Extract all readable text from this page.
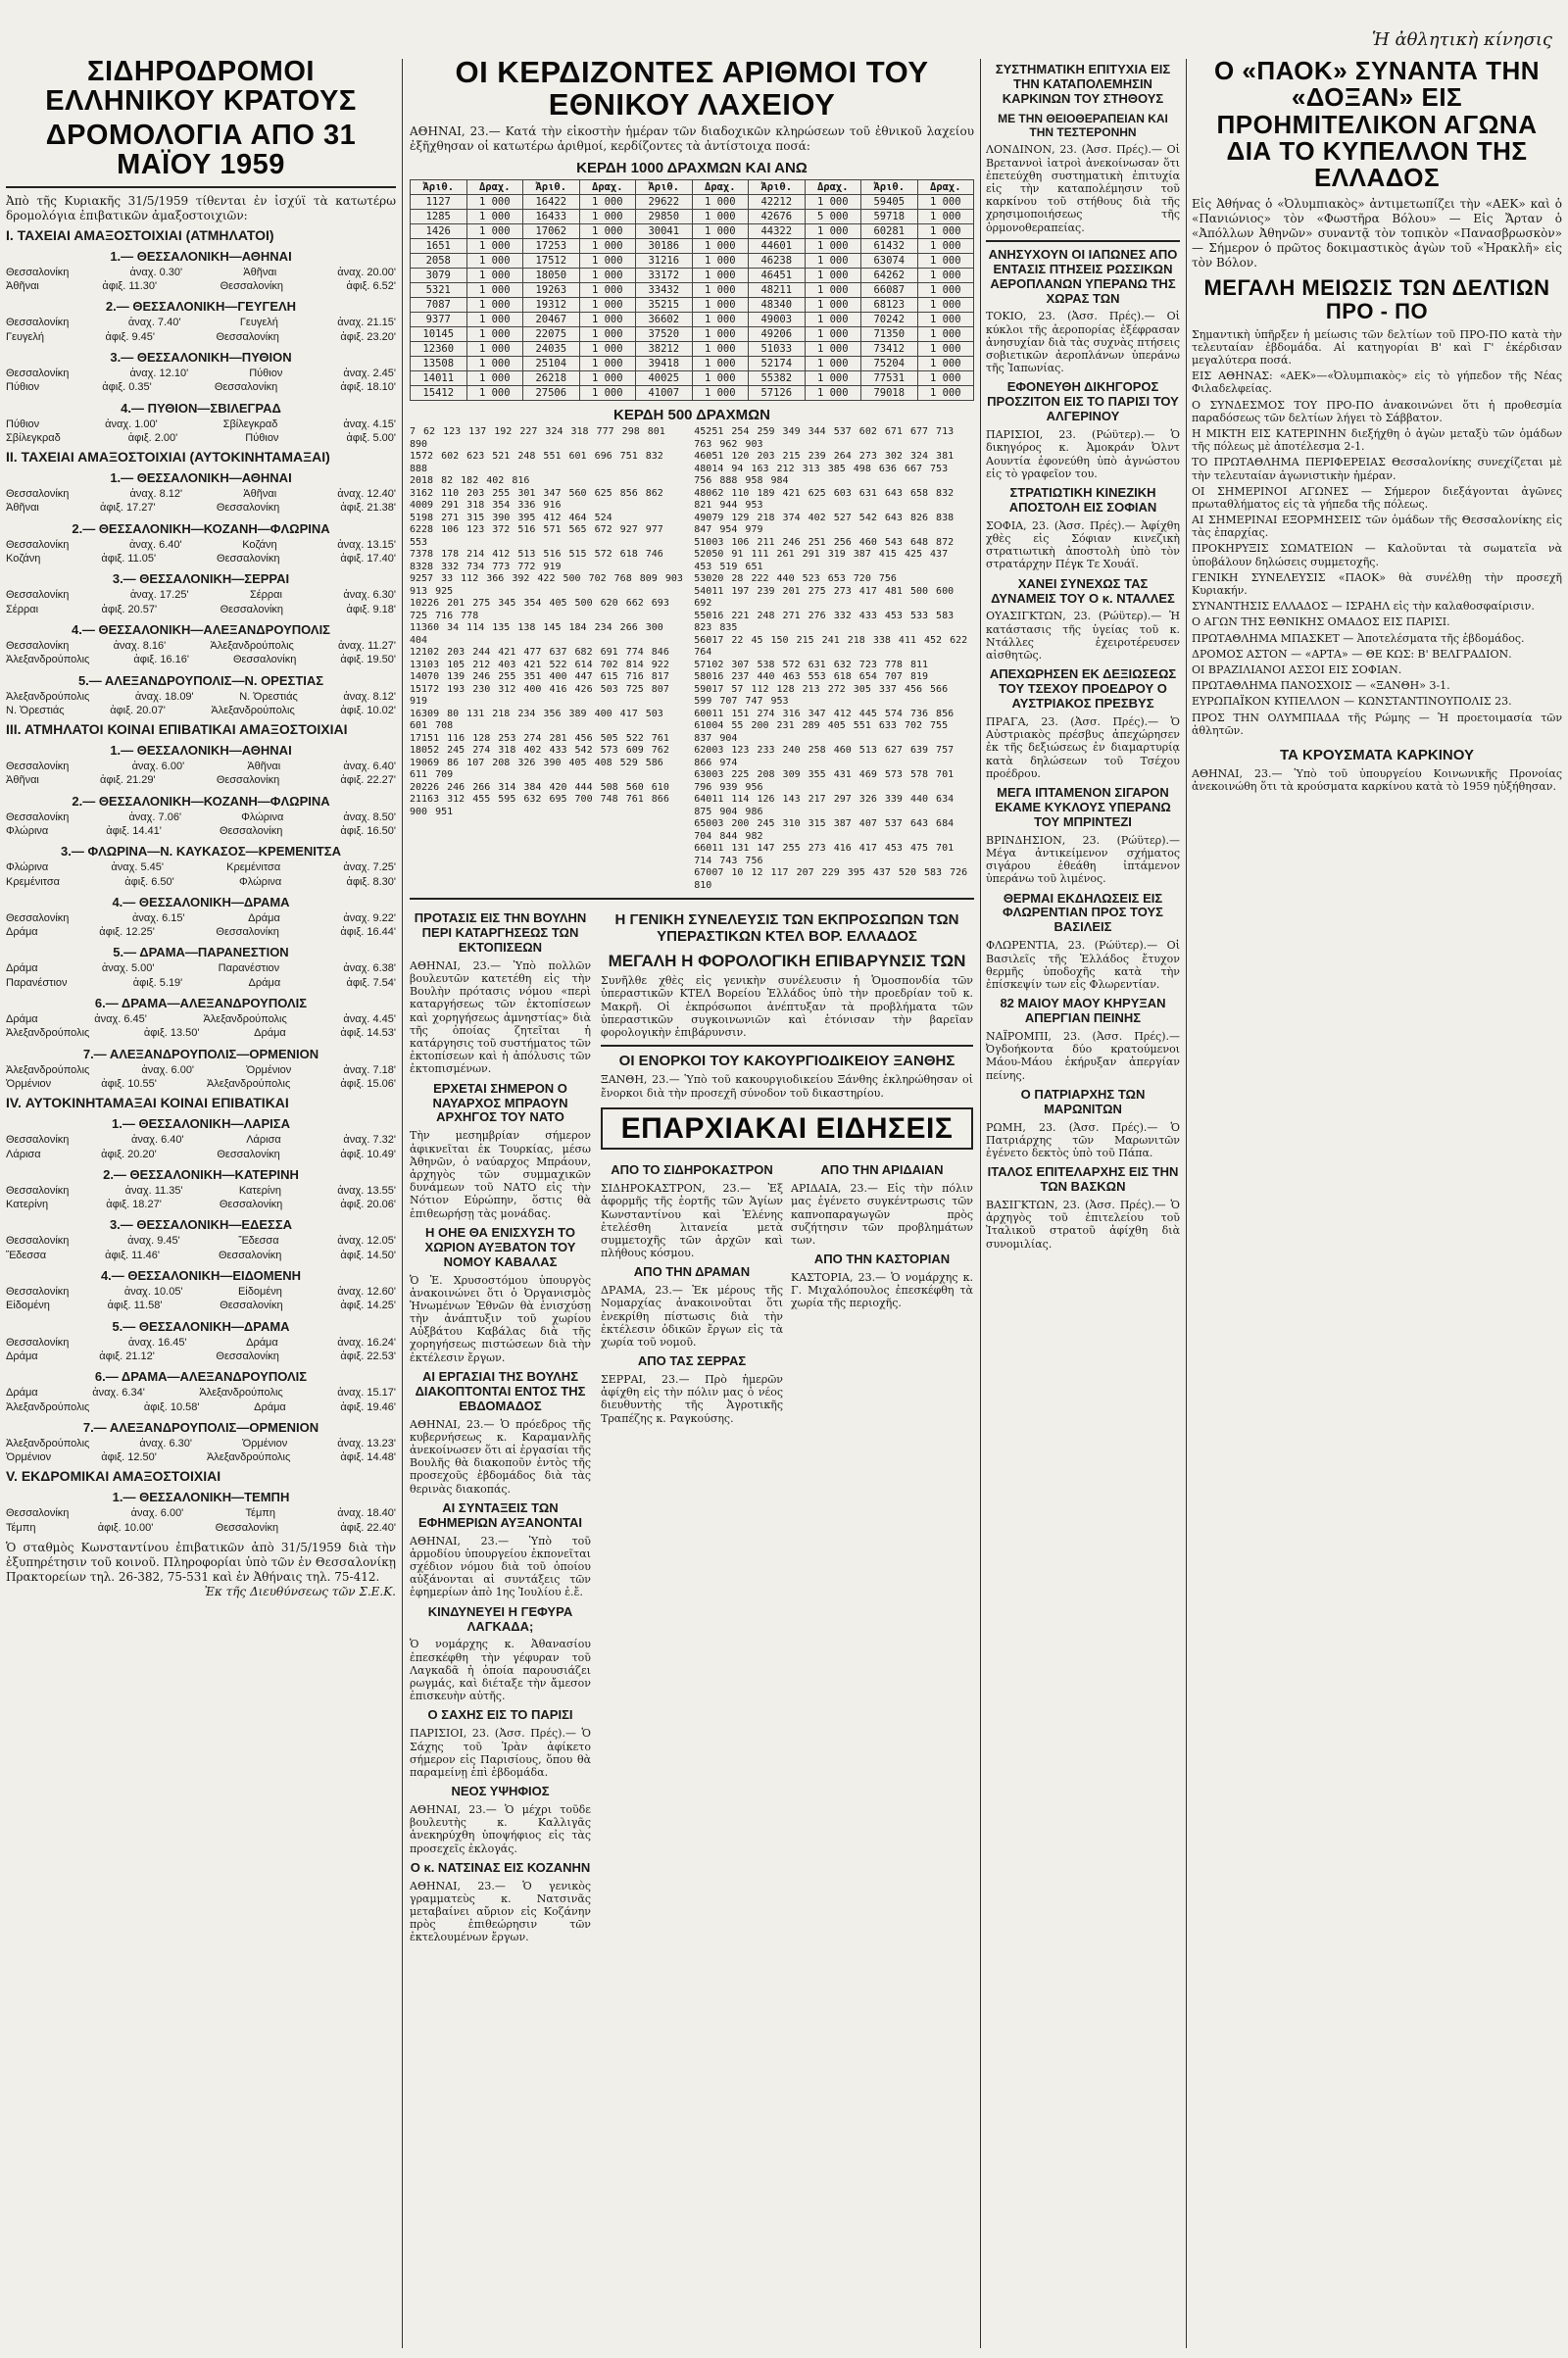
ΣΙΔΗΡΟΔΡΟΜΟΙ ΕΛΛΗΝΙΚΟΥ ΚΡΑΤΟΥΣ
ΔΡΟΜΟΛΟΓΙΑ ΑΠΟ 31 ΜΑΪΟΥ 1959
Ἀπὸ τῆς Κυριακῆς 31/5/1959 τίθενται ἐν ἰσχύϊ τὰ κατωτέρω δρομολόγια ἐπιβατικῶν ἀμαξοστοιχιῶν:
Ι. ΤΑΧΕΙΑΙ ΑΜΑΞΟΣΤΟΙΧΙΑΙ (ΑΤΜΗΛΑΤΟΙ)
1.— ΘΕΣΣΑΛΟΝΙΚΗ—ΑΘΗΝΑΙ
Θεσσαλονίκη	ἀναχ. 0.30'	Ἀθῆναι	ἀναχ. 20.00'
Ἀθῆναι	ἀφιξ. 11.30'	Θεσσαλονίκη	ἀφιξ. 6.52'
2.— ΘΕΣΣΑΛΟΝΙΚΗ—ΓΕΥΓΕΛΗ
Θεσσαλονίκη	ἀναχ. 7.40'	Γευγελή	ἀναχ. 21.15'
Γευγελή	ἀφιξ. 9.45'	Θεσσαλονίκη	ἀφιξ. 23.20'
3.— ΘΕΣΣΑΛΟΝΙΚΗ—ΠΥΘΙΟΝ
Θεσσαλονίκη	ἀναχ. 12.10'	Πύθιον	ἀναχ. 2.45'
Πύθιον	ἀφιξ. 0.35'	Θεσσαλονίκη	ἀφιξ. 18.10'
4.— ΠΥΘΙΟΝ—ΣΒΙΛΕΓΡΑΔ
Πύθιον	ἀναχ. 1.00'	Σβίλεγκραδ	ἀναχ. 4.15'
Σβίλεγκραδ	ἀφιξ. 2.00'	Πύθιον	ἀφιξ. 5.00'
ΙΙ. ΤΑΧΕΙΑΙ ΑΜΑΞΟΣΤΟΙΧΙΑΙ (ΑΥΤΟΚΙΝΗΤΑΜΑΞΑΙ)
1.— ΘΕΣΣΑΛΟΝΙΚΗ—ΑΘΗΝΑΙ
Θεσσαλονίκη	ἀναχ. 8.12'	Ἀθῆναι	ἀναχ. 12.40'
Ἀθῆναι	ἀφιξ. 17.27'	Θεσσαλονίκη	ἀφιξ. 21.38'
2.— ΘΕΣΣΑΛΟΝΙΚΗ—ΚΟΖΑΝΗ—ΦΛΩΡΙΝΑ
Θεσσαλονίκη	ἀναχ. 6.40'	Κοζάνη	ἀναχ. 13.15'
Κοζάνη	ἀφιξ. 11.05'	Θεσσαλονίκη	ἀφιξ. 17.40'
3.— ΘΕΣΣΑΛΟΝΙΚΗ—ΣΕΡΡΑΙ
Θεσσαλονίκη	ἀναχ. 17.25'	Σέρραι	ἀναχ. 6.30'
Σέρραι	ἀφιξ. 20.57'	Θεσσαλονίκη	ἀφιξ. 9.18'
4.— ΘΕΣΣΑΛΟΝΙΚΗ—ΑΛΕΞΑΝΔΡΟΥΠΟΛΙΣ
Θεσσαλονίκη	ἀναχ. 8.16'	Ἀλεξανδρούπολις	ἀναχ. 11.27'
Ἀλεξανδρούπολις	ἀφιξ. 16.16'	Θεσσαλονίκη	ἀφιξ. 19.50'
5.— ΑΛΕΞΑΝΔΡΟΥΠΟΛΙΣ—Ν. ΟΡΕΣΤΙΑΣ
Ἀλεξανδρούπολις	ἀναχ. 18.09'	Ν. Ὀρεστιάς	ἀναχ. 8.12'
Ν. Ὀρεστιάς	ἀφιξ. 20.07'	Ἀλεξανδρούπολις	ἀφιξ. 10.02'
ΙΙΙ. ΑΤΜΗΛΑΤΟΙ ΚΟΙΝΑΙ ΕΠΙΒΑΤΙΚΑΙ ΑΜΑΞΟΣΤΟΙΧΙΑΙ
1.— ΘΕΣΣΑΛΟΝΙΚΗ—ΑΘΗΝΑΙ
Θεσσαλονίκη	ἀναχ. 6.00'	Ἀθῆναι	ἀναχ. 6.40'
Ἀθῆναι	ἀφιξ. 21.29'	Θεσσαλονίκη	ἀφιξ. 22.27'
2.— ΘΕΣΣΑΛΟΝΙΚΗ—ΚΟΖΑΝΗ—ΦΛΩΡΙΝΑ
Θεσσαλονίκη	ἀναχ. 7.06'	Φλώρινα	ἀναχ. 8.50'
Φλώρινα	ἀφιξ. 14.41'	Θεσσαλονίκη	ἀφιξ. 16.50'
3.— ΦΛΩΡΙΝΑ—Ν. ΚΑΥΚΑΣΟΣ—ΚΡΕΜΕΝΙΤΣΑ
Φλώρινα	ἀναχ. 5.45'	Κρεμένιτσα	ἀναχ. 7.25'
Κρεμένιτσα	ἀφιξ. 6.50'	Φλώρινα	ἀφιξ. 8.30'
4.— ΘΕΣΣΑΛΟΝΙΚΗ—ΔΡΑΜΑ
Θεσσαλονίκη	ἀναχ. 6.15'	Δράμα	ἀναχ. 9.22'
Δράμα	ἀφιξ. 12.25'	Θεσσαλονίκη	ἀφιξ. 16.44'
5.— ΔΡΑΜΑ—ΠΑΡΑΝΕΣΤΙΟΝ
Δράμα	ἀναχ. 5.00'	Παρανέστιον	ἀναχ. 6.38'
Παρανέστιον	ἀφιξ. 5.19'	Δράμα	ἀφιξ. 7.54'
6.— ΔΡΑΜΑ—ΑΛΕΞΑΝΔΡΟΥΠΟΛΙΣ
Δράμα	ἀναχ. 6.45'	Ἀλεξανδρούπολις	ἀναχ. 4.45'
Ἀλεξανδρούπολις	ἀφιξ. 13.50'	Δράμα	ἀφιξ. 14.53'
7.— ΑΛΕΞΑΝΔΡΟΥΠΟΛΙΣ—ΟΡΜΕΝΙΟΝ
Ἀλεξανδρούπολις	ἀναχ. 6.00'	Ὀρμένιον	ἀναχ. 7.18'
Ὀρμένιον	ἀφιξ. 10.55'	Ἀλεξανδρούπολις	ἀφιξ. 15.06'
IV. ΑΥΤΟΚΙΝΗΤΑΜΑΞΑΙ ΚΟΙΝΑΙ ΕΠΙΒΑΤΙΚΑΙ
1.— ΘΕΣΣΑΛΟΝΙΚΗ—ΛΑΡΙΣΑ
Θεσσαλονίκη	ἀναχ. 6.40'	Λάρισα	ἀναχ. 7.32'
Λάρισα	ἀφιξ. 20.20'	Θεσσαλονίκη	ἀφιξ. 10.49'
2.— ΘΕΣΣΑΛΟΝΙΚΗ—ΚΑΤΕΡΙΝΗ
Θεσσαλονίκη	ἀναχ. 11.35'	Κατερίνη	ἀναχ. 13.55'
Κατερίνη	ἀφιξ. 18.27'	Θεσσαλονίκη	ἀφιξ. 20.06'
3.— ΘΕΣΣΑΛΟΝΙΚΗ—ΕΔΕΣΣΑ
Θεσσαλονίκη	ἀναχ. 9.45'	Ἔδεσσα	ἀναχ. 12.05'
Ἔδεσσα	ἀφιξ. 11.46'	Θεσσαλονίκη	ἀφιξ. 14.50'
4.— ΘΕΣΣΑΛΟΝΙΚΗ—ΕΙΔΟΜΕΝΗ
Θεσσαλονίκη	ἀναχ. 10.05'	Εἰδομένη	ἀναχ. 12.60'
Εἰδομένη	ἀφιξ. 11.58'	Θεσσαλονίκη	ἀφιξ. 14.25'
5.— ΘΕΣΣΑΛΟΝΙΚΗ—ΔΡΑΜΑ
Θεσσαλονίκη	ἀναχ. 16.45'	Δράμα	ἀναχ. 16.24'
Δράμα	ἀφιξ. 21.12'	Θεσσαλονίκη	ἀφιξ. 22.53'
6.— ΔΡΑΜΑ—ΑΛΕΞΑΝΔΡΟΥΠΟΛΙΣ
Δράμα	ἀναχ. 6.34'	Ἀλεξανδρούπολις	ἀναχ. 15.17'
Ἀλεξανδρούπολις	ἀφιξ. 10.58'	Δράμα	ἀφιξ. 19.46'
7.— ΑΛΕΞΑΝΔΡΟΥΠΟΛΙΣ—ΟΡΜΕΝΙΟΝ
Ἀλεξανδρούπολις	ἀναχ. 6.30'	Ὀρμένιον	ἀναχ. 13.23'
Ὀρμένιον	ἀφιξ. 12.50'	Ἀλεξανδρούπολις	ἀφιξ. 14.48'
V. ΕΚΔΡΟΜΙΚΑΙ ΑΜΑΞΟΣΤΟΙΧΙΑΙ
1.— ΘΕΣΣΑΛΟΝΙΚΗ—ΤΕΜΠΗ
Θεσσαλονίκη	ἀναχ. 6.00'	Τέμπη	ἀναχ. 18.40'
Τέμπη	ἀφιξ. 10.00'	Θεσσαλονίκη	ἀφιξ. 22.40'
Ὁ σταθμὸς Κωνσταντίνου ἐπιβατικῶν ἀπὸ 31/5/1959 διὰ τὴν ἐξυπηρέτησιν τοῦ κοινοῦ. Πληροφορίαι ὑπὸ τῶν ἐν Θεσσαλονίκῃ Πρακτορείων τηλ. 26-382, 75-531 καὶ ἐν Ἀθήναις τηλ. 75-412.
Ἐκ τῆς Διευθύνσεως τῶν Σ.Ε.Κ.
ΟΙ ΚΕΡΔΙΖΟΝΤΕΣ ΑΡΙΘΜΟΙ ΤΟΥ ΕΘΝΙΚΟΥ ΛΑΧΕΙΟΥ
ΑΘΗΝΑΙ, 23.— Κατά τὴν εἰκοστὴν ἡμέραν τῶν διαδοχικῶν κληρώσεων τοῦ ἐθνικοῦ λαχείου ἐξῆχθησαν οἱ κατωτέρω ἀριθμοί, κερδίζοντες τὰ ἀντίστοιχα ποσά:
ΚΕΡΔΗ 1000 ΔΡΑΧΜΩΝ ΚΑΙ ΑΝΩ
Ἀριθ.	Δραχ.	Ἀριθ.	Δραχ.	Ἀριθ.	Δραχ.	Ἀριθ.	Δραχ.	Ἀριθ.	Δραχ.
1127	1 000	16422	1 000	29622	1 000	42212	1 000	59405	1 000
1285	1 000	16433	1 000	29850	1 000	42676	5 000	59718	1 000
1426	1 000	17062	1 000	30041	1 000	44322	1 000	60281	1 000
1651	1 000	17253	1 000	30186	1 000	44601	1 000	61432	1 000
2058	1 000	17512	1 000	31216	1 000	46238	1 000	63074	1 000
3079	1 000	18050	1 000	33172	1 000	46451	1 000	64262	1 000
5321	1 000	19263	1 000	33432	1 000	48211	1 000	66087	1 000
7087	1 000	19312	1 000	35215	1 000	48340	1 000	68123	1 000
9377	1 000	20467	1 000	36602	1 000	49003	1 000	70242	1 000
10145	1 000	22075	1 000	37520	1 000	49206	1 000	71350	1 000
12360	1 000	24035	1 000	38212	1 000	51033	1 000	73412	1 000
13508	1 000	25104	1 000	39418	1 000	52174	1 000	75204	1 000
14011	1 000	26218	1 000	40025	1 000	55382	1 000	77531	1 000
15412	1 000	27506	1 000	41007	1 000	57126	1 000	79018	1 000
ΚΕΡΔΗ 500 ΔΡΑΧΜΩΝ
7 62 123 137 192 227 324 318 777 298 801 890
1572 602 623 521 248 551 601 696 751 832 888
2018 82 182 402 816
3162 110 203 255 301 347 560 625 856 862
4009 291 318 354 336 916
5198 271 315 390 395 412 464 524
6228 106 123 372 516 571 565 672 927 977 553
7378 178 214 412 513 516 515 572 618 746
8328 332 734 773 772 919
9257 33 112 366 392 422 500 702 768 809 903 913 925
10226 201 275 345 354 405 500 620 662 693 725 716 778
11360 34 114 135 138 145 184 234 266 300 404
12102 203 244 421 477 637 682 691 774 846
13103 105 212 403 421 522 614 702 814 922
14070 139 246 255 351 400 447 615 716 817
15172 193 230 312 400 416 426 503 725 807 919
16309 80 131 218 234 356 389 400 417 503 601 708
17151 116 128 253 274 281 456 505 522 761
18052 245 274 318 402 433 542 573 609 762
19069 86 107 208 326 390 405 408 529 586 611 709
20226 246 266 314 384 420 444 508 560 610
21163 312 455 595 632 695 700 748 761 866 900 951

45251 254 259 349 344 537 602 671 677 713 763 962 903
46051 120 203 215 239 264 273 302 324 381
48014 94 163 212 313 385 498 636 667 753 756 888 958 984
48062 110 189 421 625 603 631 643 658 832 821 944 953
49079 129 218 374 402 527 542 643 826 838 847 954 979
51003 106 211 246 251 256 460 543 648 872
52050 91 111 261 291 319 387 415 425 437 453 519 651
53020 28 222 440 523 653 720 756
54011 197 239 201 275 273 417 481 500 600 692
55016 221 248 271 276 332 433 453 533 583 823 835
56017 22 45 150 215 241 218 338 411 452 622 764
57102 307 538 572 631 632 723 778 811
58016 237 440 463 553 618 654 707 819
59017 57 112 128 213 272 305 337 456 566 599 707 747 953
60011 151 274 316 347 412 445 574 736 856
61004 55 200 231 289 405 551 633 702 755 837 904
62003 123 233 240 258 460 513 627 639 757 866 974
63003 225 208 309 355 431 469 573 578 701 796 939 956
64011 114 126 143 217 297 326 339 440 634 875 904 986
65003 200 245 310 315 387 407 537 643 684 704 844 982
66011 131 147 255 273 416 417 453 475 701 714 743 756
67007 10 12 117 207 229 395 437 520 583 726 810
ΠΡΟΤΑΣΙΣ ΕΙΣ ΤΗΝ ΒΟΥΛΗΝ ΠΕΡΙ ΚΑΤΑΡΓΗΣΕΩΣ ΤΩΝ ΕΚΤΟΠΙΣΕΩΝ

ΑΘΗΝΑΙ, 23.— Ὑπὸ πολλῶν βουλευτῶν κατετέθη εἰς τὴν Βουλὴν πρότασις νόμου «περὶ καταργήσεως τῶν ἐκτοπίσεων καὶ χορηγήσεως ἀμνηστίας» διὰ τῆς ὁποίας ζητεῖται ἡ κατάργησις τοῦ συστήματος τῶν ἐκτοπίσεων καὶ ἡ ἀπόλυσις τῶν ἐκτοπισμένων.

ΕΡΧΕΤΑΙ ΣΗΜΕΡΟΝ Ο ΝΑΥΑΡΧΟΣ ΜΠΡΑΟΥΝ ΑΡΧΗΓΟΣ ΤΟΥ ΝΑΤΟ

Τὴν μεσημβρίαν σήμερον ἀφικνεῖται ἐκ Τουρκίας, μέσω Ἀθηνῶν, ὁ ναύαρχος Μπράουν, ἀρχηγὸς τῶν συμμαχικῶν δυνάμεων τοῦ ΝΑΤΟ εἰς τὴν Νότιον Εὐρώπην, ὅστις θὰ ἐπιθεωρήσῃ τὰς μονάδας.

Η ΟΗΕ ΘΑ ΕΝΙΣΧΥΣΗ ΤΟ ΧΩΡΙΟΝ ΑΥΞΒΑΤΟΝ ΤΟΥ ΝΟΜΟΥ ΚΑΒΑΛΑΣ

Ὁ Ἐ. Χρυσοστόμου ὑπουργὸς ἀνακοινώνει ὅτι ὁ Ὀργανισμὸς Ἡνωμένων Ἐθνῶν θὰ ἐνισχύσῃ τὴν ἀνάπτυξιν τοῦ χωρίου Αὐξβάτου Καβάλας διὰ τῆς χορηγήσεως πιστώσεων διὰ τὴν ἐκτέλεσιν ἔργων.

ΑΙ ΕΡΓΑΣΙΑΙ ΤΗΣ ΒΟΥΛΗΣ ΔΙΑΚΟΠΤΟΝΤΑΙ ΕΝΤΟΣ ΤΗΣ ΕΒΔΟΜΑΔΟΣ

ΑΘΗΝΑΙ, 23.— Ὁ πρόεδρος τῆς κυβερνήσεως κ. Καραμανλῆς ἀνεκοίνωσεν ὅτι αἱ ἐργασίαι τῆς Βουλῆς θὰ διακοποῦν ἐντὸς τῆς προσεχοῦς ἑβδομάδος διὰ τὰς θερινὰς διακοπάς.

ΑΙ ΣΥΝΤΑΞΕΙΣ ΤΩΝ ΕΦΗΜΕΡΙΩΝ ΑΥΞΑΝΟΝΤΑΙ

ΑΘΗΝΑΙ, 23.— Ὑπὸ τοῦ ἁρμοδίου ὑπουργείου ἐκπονεῖται σχέδιον νόμου διὰ τοῦ ὁποίου αὐξάνονται αἱ συντάξεις τῶν ἐφημερίων ἀπὸ 1ης Ἰουλίου ἐ.ἔ.

ΚΙΝΔΥΝΕΥΕΙ Η ΓΕΦΥΡΑ ΛΑΓΚΑΔΑ;

Ὁ νομάρχης κ. Ἀθανασίου ἐπεσκέφθη τὴν γέφυραν τοῦ Λαγκαδᾶ ἡ ὁποία παρουσιάζει ρωγμάς, καὶ διέταξε τὴν ἄμεσον ἐπισκευὴν αὐτῆς.

Ο ΣΑΧΗΣ ΕΙΣ ΤΟ ΠΑΡΙΣΙ

ΠΑΡΙΣΙΟΙ, 23. (Ἀσσ. Πρές).— Ὁ Σάχης τοῦ Ἰρὰν ἀφίκετο σήμερον εἰς Παρισίους, ὅπου θὰ παραμείνῃ ἐπὶ ἑβδομάδα.

ΝΕΟΣ ΥΨΗΦΙΟΣ

ΑΘΗΝΑΙ, 23.— Ὁ μέχρι τοῦδε βουλευτὴς κ. Καλλιγᾶς ἀνεκηρύχθη ὑποψήφιος εἰς τὰς προσεχεῖς ἐκλογάς.

Ο κ. ΝΑΤΣΙΝΑΣ ΕΙΣ ΚΟΖΑΝΗΝ

ΑΘΗΝΑΙ, 23.— Ὁ γενικὸς γραμματεὺς κ. Νατσινᾶς μεταβαίνει αὔριον εἰς Κοζάνην πρὸς ἐπιθεώρησιν τῶν ἐκτελουμένων ἔργων.

Η ΓΕΝΙΚΗ ΣΥΝΕΛΕΥΣΙΣ ΤΩΝ ΕΚΠΡΟΣΩΠΩΝ ΤΩΝ ΥΠΕΡΑΣΤΙΚΩΝ ΚΤΕΛ ΒΟΡ. ΕΛΛΑΔΟΣ
ΜΕΓΑΛΗ Η ΦΟΡΟΛΟΓΙΚΗ ΕΠΙΒΑΡΥΝΣΙΣ ΤΩΝ

Συνῆλθε χθὲς εἰς γενικὴν συνέλευσιν ἡ Ὁμοσπονδία τῶν ὑπεραστικῶν ΚΤΕΛ Βορείου Ἑλλάδος ὑπὸ τὴν προεδρίαν τοῦ κ. Μακρῆ. Οἱ ἐκπρόσωποι ἀνέπτυξαν τὰ προβλήματα τῶν ὑπεραστικῶν συγκοινωνιῶν καὶ ἐτόνισαν τὴν βαρεῖαν φορολογικὴν ἐπιβάρυνσιν.

ΟΙ ΕΝΟΡΚΟΙ ΤΟΥ ΚΑΚΟΥΡΓΙΟΔΙΚΕΙΟΥ ΞΑΝΘΗΣ

ΞΑΝΘΗ, 23.— Ὑπὸ τοῦ κακουργιοδικείου Ξάνθης ἐκληρώθησαν οἱ ἔνορκοι διὰ τὴν προσεχῆ σύνοδον τοῦ δικαστηρίου.

ΕΠΑΡΧΙΑΚΑΙ ΕΙΔΗΣΕΙΣ
ΑΠΟ ΤΟ ΣΙΔΗΡΟΚΑΣΤΡΟΝ

ΣΙΔΗΡΟΚΑΣΤΡΟΝ, 23.— Ἐξ ἀφορμῆς τῆς ἑορτῆς τῶν Ἁγίων Κωνσταντίνου καὶ Ἑλένης ἐτελέσθη λιτανεία μετὰ συμμετοχῆς τῶν ἀρχῶν καὶ πλήθους κόσμου.

ΑΠΟ ΤΗΝ ΔΡΑΜΑΝ

ΔΡΑΜΑ, 23.— Ἐκ μέρους τῆς Νομαρχίας ἀνακοινοῦται ὅτι ἐνεκρίθη πίστωσις διὰ τὴν ἐκτέλεσιν ὁδικῶν ἔργων εἰς τὰ χωρία τοῦ νομοῦ.

ΑΠΟ ΤΑΣ ΣΕΡΡΑΣ

ΣΕΡΡΑΙ, 23.— Πρὸ ἡμερῶν ἀφίχθη εἰς τὴν πόλιν μας ὁ νέος διευθυντὴς τῆς Ἀγροτικῆς Τραπέζης κ. Ραγκούσης.

ΑΠΟ ΤΗΝ ΑΡΙΔΑΙΑΝ

ΑΡΙΔΑΙΑ, 23.— Εἰς τὴν πόλιν μας ἐγένετο συγκέντρωσις τῶν καπνοπαραγωγῶν πρὸς συζήτησιν τῶν προβλημάτων των.

ΑΠΟ ΤΗΝ ΚΑΣΤΟΡΙΑΝ

ΚΑΣΤΟΡΙΑ, 23.— Ὁ νομάρχης κ. Γ. Μιχαλόπουλος ἐπεσκέφθη τὰ χωρία τῆς περιοχῆς.

ΣΥΣΤΗΜΑΤΙΚΗ ΕΠΙΤΥΧΙΑ ΕΙΣ ΤΗΝ ΚΑΤΑΠΟΛΕΜΗΣΙΝ ΚΑΡΚΙΝΩΝ ΤΟΥ ΣΤΗΘΟΥΣ
ΜΕ ΤΗΝ ΘΕΙΟΘΕΡΑΠΕΙΑΝ ΚΑΙ ΤΗΝ ΤΕΣΤΕΡΟΝΗΝ

ΛΟΝΔΙΝΟΝ, 23. (Ἀσσ. Πρές).— Οἱ Βρεταννοὶ ἰατροὶ ἀνεκοίνωσαν ὅτι ἐπετεύχθη συστηματικὴ ἐπιτυχία εἰς τὴν καταπολέμησιν τοῦ καρκίνου τοῦ στήθους διὰ τῆς χρησιμοποιήσεως τῆς ὁρμονοθεραπείας.

ΑΝΗΣΥΧΟΥΝ ΟΙ ΙΑΠΩΝΕΣ ΑΠΟ ΕΝΤΑΣΙΣ ΠΤΗΣΕΙΣ ΡΩΣΣΙΚΩΝ ΑΕΡΟΠΛΑΝΩΝ ΥΠΕΡΑΝΩ ΤΗΣ ΧΩΡΑΣ ΤΩΝ

ΤΟΚΙΟ, 23. (Ἀσσ. Πρές).— Οἱ κύκλοι τῆς ἀεροπορίας ἐξέφρασαν ἀνησυχίαν διὰ τὰς συχνὰς πτήσεις σοβιετικῶν ἀεροπλάνων ὑπεράνω τῆς Ἰαπωνίας.

ΕΦΟΝΕΥΘΗ ΔΙΚΗΓΟΡΟΣ ΠΡΟΣΖΙΤΟΝ ΕΙΣ ΤΟ ΠΑΡΙΣΙ ΤΟΥ ΑΛΓΕΡΙΝΟΥ

ΠΑΡΙΣΙΟΙ, 23. (Ρώϋτερ).— Ὁ δικηγόρος κ. Ἀμοκράν Ὀλντ Αουντία ἐφονεύθη ὑπὸ ἀγνώστου εἰς τὸ γραφεῖον του.

ΣΤΡΑΤΙΩΤΙΚΗ ΚΙΝΕΖΙΚΗ ΑΠΟΣΤΟΛΗ ΕΙΣ ΣΟΦΙΑΝ

ΣΟΦΙΑ, 23. (Ἀσσ. Πρές).— Ἀφίχθη χθὲς εἰς Σόφιαν κινεζικὴ στρατιωτικὴ ἀποστολὴ ὑπὸ τὸν στρατάρχην Πέγκ Τε Χουάϊ.

ΧΑΝΕΙ ΣΥΝΕΧΩΣ ΤΑΣ ΔΥΝΑΜΕΙΣ ΤΟΥ Ο κ. ΝΤΑΛΛΕΣ

ΟΥΑΣΙΓΚΤΩΝ, 23. (Ρώϋτερ).— Ἡ κατάστασις τῆς ὑγείας τοῦ κ. Ντάλλες ἐχειροτέρευσεν αἰσθητῶς.

ΑΠΕΧΩΡΗΣΕΝ ΕΚ ΔΕΞΙΩΣΕΩΣ ΤΟΥ ΤΣΕΧΟΥ ΠΡΟΕΔΡΟΥ Ο ΑΥΣΤΡΙΑΚΟΣ ΠΡΕΣΒΥΣ

ΠΡΑΓΑ, 23. (Ἀσσ. Πρές).— Ὁ Αὐστριακὸς πρέσβυς ἀπεχώρησεν ἐκ τῆς δεξιώσεως ἐν διαμαρτυρίᾳ κατὰ δηλώσεων τοῦ Τσέχου προέδρου.

ΜΕΓΑ ΙΠΤΑΜΕΝΟΝ ΣΙΓΑΡΟΝ ΕΚΑΜΕ ΚΥΚΛΟΥΣ ΥΠΕΡΑΝΩ ΤΟΥ ΜΠΡΙΝΤΕΖΙ

ΒΡΙΝΔΗΣΙΟΝ, 23. (Ρώϋτερ).— Μέγα ἀντικείμενον σχήματος σιγάρου ἐθεάθη ἱπτάμενον ὑπεράνω τοῦ λιμένος.

ΘΕΡΜΑΙ ΕΚΔΗΛΩΣΕΙΣ ΕΙΣ ΦΛΩΡΕΝΤΙΑΝ ΠΡΟΣ ΤΟΥΣ ΒΑΣΙΛΕΙΣ

ΦΛΩΡΕΝΤΙΑ, 23. (Ρώϋτερ).— Οἱ Βασιλεῖς τῆς Ἑλλάδος ἔτυχον θερμῆς ὑποδοχῆς κατὰ τὴν ἐπίσκεψίν των εἰς Φλωρεντίαν.

82 ΜΑΙΟΥ ΜΑΟΥ ΚΗΡΥΞΑΝ ΑΠΕΡΓΙΑΝ ΠΕΙΝΗΣ

ΝΑΪΡΟΜΠΙ, 23. (Ἀσσ. Πρές).— Ὀγδοήκοντα δύο κρατούμενοι Μάου-Μάου ἐκήρυξαν ἀπεργίαν πείνης.

Ο ΠΑΤΡΙΑΡΧΗΣ ΤΩΝ ΜΑΡΩΝΙΤΩΝ

ΡΩΜΗ, 23. (Ἀσσ. Πρές).— Ὁ Πατριάρχης τῶν Μαρωνιτῶν ἐγένετο δεκτὸς ὑπὸ τοῦ Πάπα.

ΙΤΑΛΟΣ ΕΠΙΤΕΛΑΡΧΗΣ ΕΙΣ ΤΗΝ ΤΩΝ ΒΑΣΚΩΝ

ΒΑΣΙΓΚΤΩΝ, 23. (Ἀσσ. Πρές).— Ὁ ἀρχηγὸς τοῦ ἐπιτελείου τοῦ Ἰταλικοῦ στρατοῦ ἀφίχθη διὰ συνομιλίας.

Ἡ ἀθλητικὴ κίνησις
Ο «ΠΑΟΚ» ΣΥΝΑΝΤΑ ΤΗΝ «ΔΟΞΑΝ» ΕΙΣ ΠΡΟΗΜΙΤΕΛΙΚΟΝ ΑΓΩΝΑ ΔΙΑ ΤΟ ΚΥΠΕΛΛΟΝ ΤΗΣ ΕΛΛΑΔΟΣ

Εἰς Ἀθήνας ὁ «Ὀλυμπιακὸς» ἀντιμετωπίζει τὴν «ΑΕΚ» καὶ ὁ «Πανιώνιος» τὸν «Φωστῆρα Βόλου» — Εἰς Ἄρταν ὁ «Ἀπόλλων Ἀθηνῶν» συναντᾷ τὸν τοπικὸν «Πανασβρωσκὸν» — Σήμερον ὁ πρῶτος δοκιμαστικὸς ἀγὼν τοῦ «Ἡρακλῆ» εἰς τὸν Βόλον.

ΜΕΓΑΛΗ ΜΕΙΩΣΙΣ ΤΩΝ ΔΕΛΤΙΩΝ ΠΡΟ - ΠΟ

Σημαντικὴ ὑπῆρξεν ἡ μείωσις τῶν δελτίων τοῦ ΠΡΟ-ΠΟ κατὰ τὴν τελευταίαν ἑβδομάδα. Αἱ κατηγορίαι Β' καὶ Γ' ἐκέρδισαν μεγαλύτερα ποσά.

ΕΙΣ ΑΘΗΝΑΣ: «ΑΕΚ»—«Ὀλυμπιακὸς» εἰς τὸ γήπεδον τῆς Νέας Φιλαδελφείας.

Ο ΣΥΝΔΕΣΜΟΣ ΤΟΥ ΠΡΟ-ΠΟ ἀνακοινώνει ὅτι ἡ προθεσμία παραδόσεως τῶν δελτίων λήγει τὸ Σάββατον.

Η ΜΙΚΤΗ ΕΙΣ ΚΑΤΕΡΙΝΗΝ διεξήχθη ὁ ἀγὼν μεταξὺ τῶν ὁμάδων τῆς πόλεως μὲ ἀποτέλεσμα 2-1.

ΤΟ ΠΡΩΤΑΘΛΗΜΑ ΠΕΡΙΦΕΡΕΙΑΣ Θεσσαλονίκης συνεχίζεται μὲ τὴν τελευταίαν ἀγωνιστικὴν ἡμέραν.

ΟΙ ΣΗΜΕΡΙΝΟΙ ΑΓΩΝΕΣ — Σήμερον διεξάγονται ἀγῶνες πρωταθλήματος εἰς τὰ γήπεδα τῆς πόλεως.

ΑΙ ΣΗΜΕΡΙΝΑΙ ΕΞΟΡΜΗΣΕΙΣ τῶν ὁμάδων τῆς Θεσσαλονίκης εἰς τὰς ἐπαρχίας.

ΠΡΟΚΗΡΥΞΙΣ ΣΩΜΑΤΕΙΩΝ — Καλοῦνται τὰ σωματεῖα νὰ ὑποβάλουν δηλώσεις συμμετοχῆς.

ΓΕΝΙΚΗ ΣΥΝΕΛΕΥΣΙΣ «ΠΑΟΚ» θὰ συνέλθῃ τὴν προσεχῆ Κυριακήν.

ΣΥΝΑΝΤΗΣΙΣ ΕΛΛΑΔΟΣ — ΙΣΡΑΗΛ εἰς τὴν καλαθοσφαίρισιν.

Ο ΑΓΩΝ ΤΗΣ ΕΘΝΙΚΗΣ ΟΜΑΔΟΣ ΕΙΣ ΠΑΡΙΣΙ.

ΠΡΩΤΑΘΛΗΜΑ ΜΠΑΣΚΕΤ — Ἀποτελέσματα τῆς ἑβδομάδος.

ΔΡΟΜΟΣ ΑΣΤΟΝ — «ΑΡΤΑ» — ΘΕ ΚΩΣ: Β' ΒΕΛΓΡΑΔΙΟΝ.

ΟΙ ΒΡΑΖΙΛΙΑΝΟΙ ΑΣΣΟΙ ΕΙΣ ΣΟΦΙΑΝ.

ΠΡΩΤΑΘΛΗΜΑ ΠΑΝΟΣΧΟΙΣ — «ΞΑΝΘΗ» 3-1.

ΕΥΡΩΠΑΪΚΟΝ ΚΥΠΕΛΛΟΝ — ΚΩΝΣΤΑΝΤΙΝΟΥΠΟΛΙΣ 23.

ΠΡΟΣ ΤΗΝ ΟΛΥΜΠΙΑΔΑ τῆς Ρώμης — Ἡ προετοιμασία τῶν ἀθλητῶν.

ΤΑ ΚΡΟΥΣΜΑΤΑ ΚΑΡΚΙΝΟΥ

ΑΘΗΝΑΙ, 23.— Ὑπὸ τοῦ ὑπουργείου Κοινωνικῆς Προνοίας ἀνεκοινώθη ὅτι τὰ κρούσματα καρκίνου κατὰ τὸ 1959 ηὐξήθησαν.
